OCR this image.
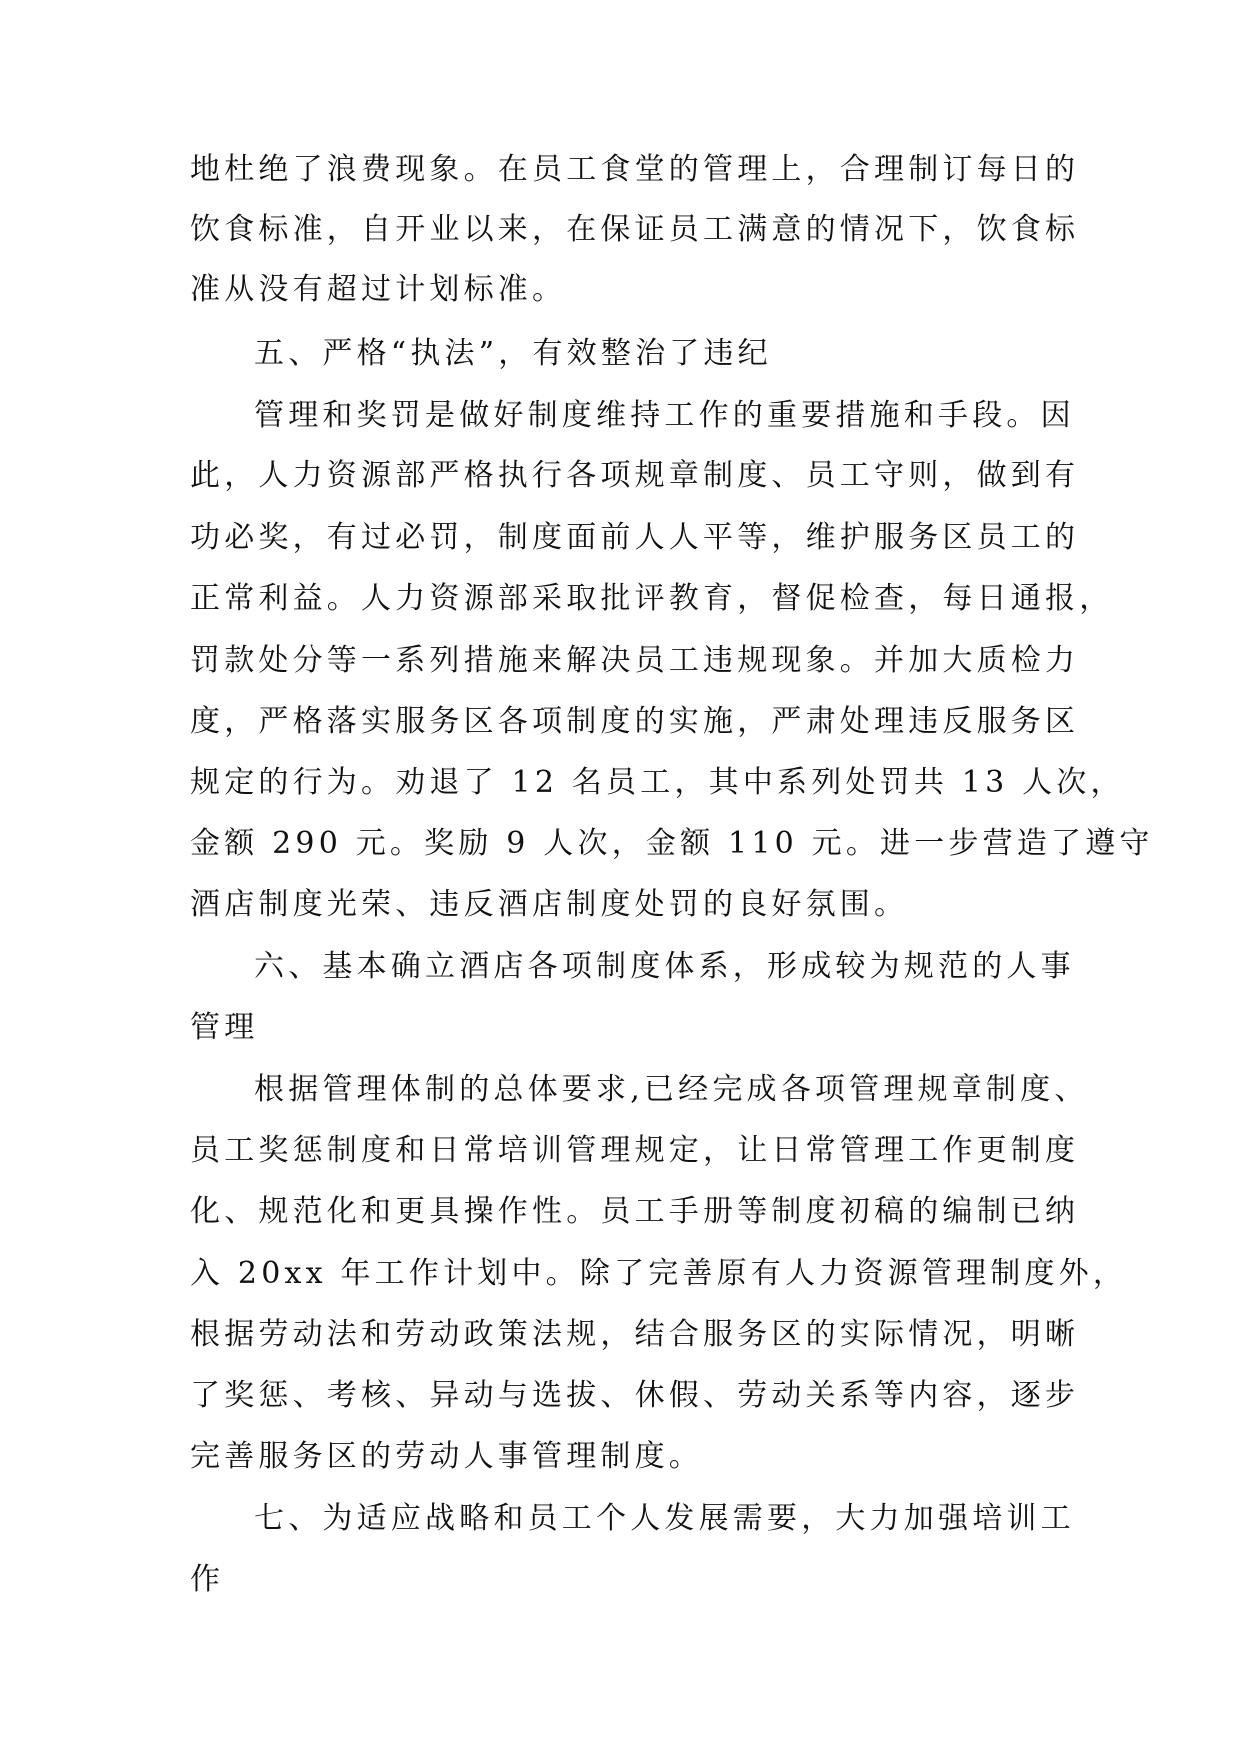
地杜绝了浪费现象。在员工食堂的管理上，合理制订每日的
饮食标准，自开业以来，在保证员工满意的情况下，饮食标
准从没有超过计划标准。
五、严格“执法”，有效整治了违纪
管理和奖罚是做好制度维持工作的重要措施和手段。因
此，人力资源部严格执行各项规章制度、员工守则，做到有
功必奖，有过必罚，制度面前人人平等，维护服务区员工的
正常利益。人力资源部采取批评教育，督促检查，每日通报，
罚款处分等一系列措施来解决员工违规现象。并加大质检力
度，严格落实服务区各项制度的实施，严肃处理违反服务区
规定的行为。劝退了 12 名员工，其中系列处罚共 13 人次，
金额 290 元。奖励 9 人次，金额 110 元。进一步营造了遵守
酒店制度光荣、违反酒店制度处罚的良好氛围。
六、基本确立酒店各项制度体系，形成较为规范的人事
管理
根据管理体制的总体要求,已经完成各项管理规章制度、
员工奖惩制度和日常培训管理规定，让日常管理工作更制度
化、规范化和更具操作性。员工手册等制度初稿的编制已纳
入 20xx 年工作计划中。除了完善原有人力资源管理制度外，
根据劳动法和劳动政策法规，结合服务区的实际情况，明晰
了奖惩、考核、异动与选拔、休假、劳动关系等内容，逐步
完善服务区的劳动人事管理制度。
七、为适应战略和员工个人发展需要，大力加强培训工
作
